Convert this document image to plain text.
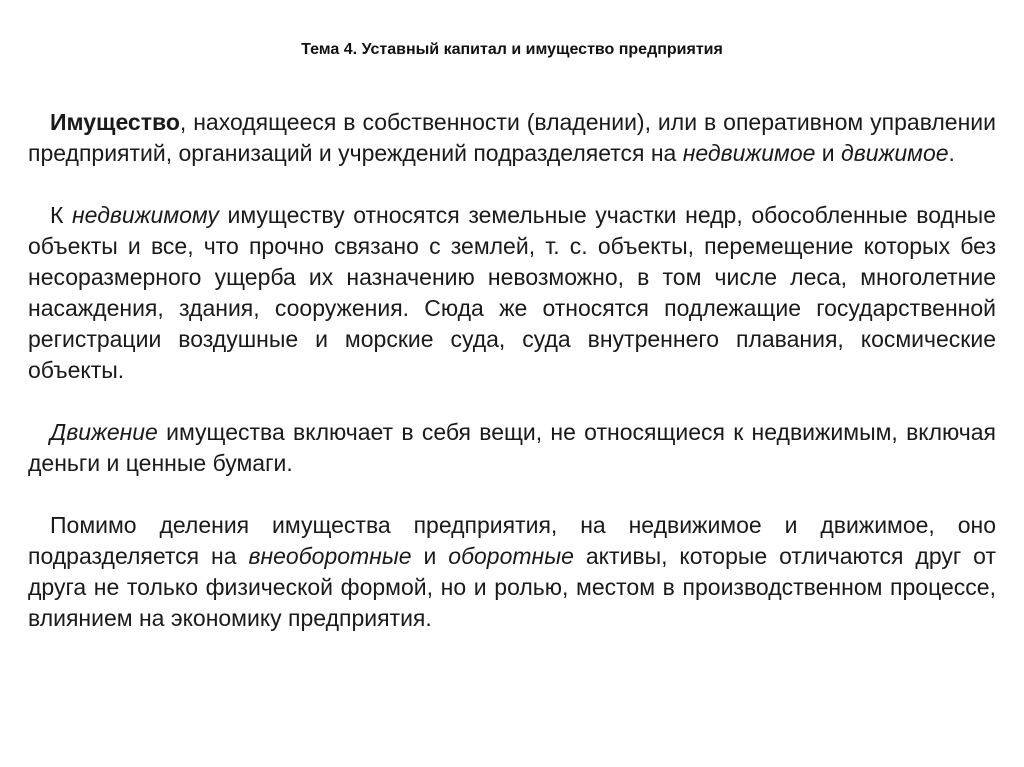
Тема 4. Уставный капитал и имущество предприятия

Имущество, находящееся в собственности (владении), или в оперативном управлении предприятий, организаций и учреждений подразделяется на недвижимое и движимое.

К недвижимому имуществу относятся земельные участки недр, обособленные водные объекты и все, что прочно связано с землей, т. с. объекты, перемещение которых без несоразмерного ущерба их назначению невозможно, в том числе леса, многолетние насаждения, здания, сооружения. Сюда же относятся подлежащие государственной регистрации воздушные и морские суда, суда внутреннего плавания, космические объекты.

Движение имущества включает в себя вещи, не относящиеся к недвижимым, включая деньги и ценные бумаги.

Помимо деления имущества предприятия, на недвижимое и движимое, оно подразделяется на внеоборотные и оборотные активы, которые отличаются друг от друга не только физической формой, но и ролью, местом в производственном процессе, влиянием на экономику предприятия.
